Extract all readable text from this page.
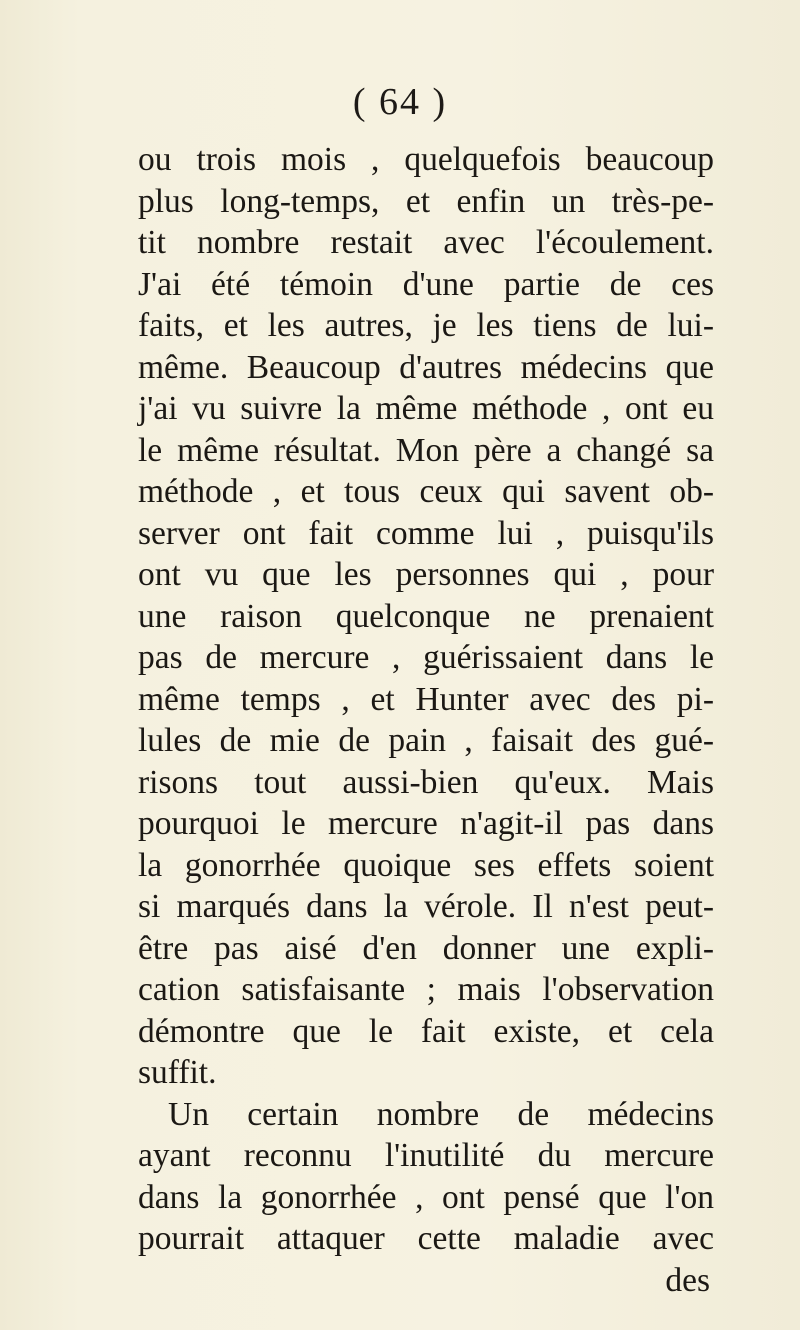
( 64 )
ou trois mois , quelquefois beaucoup
plus long-temps, et enfin un très-pe-
tit nombre restait avec l'écoulement.
J'ai été témoin d'une partie de ces
faits, et les autres, je les tiens de lui-
même. Beaucoup d'autres médecins que
j'ai vu suivre la même méthode , ont eu
le même résultat. Mon père a changé sa
méthode , et tous ceux qui savent ob-
server ont fait comme lui , puisqu'ils
ont vu que les personnes qui , pour
une raison quelconque ne prenaient
pas de mercure , guérissaient dans le
même temps , et Hunter avec des pi-
lules de mie de pain , faisait des gué-
risons tout aussi-bien qu'eux. Mais
pourquoi le mercure n'agit-il pas dans
la gonorrhée quoique ses effets soient
si marqués dans la vérole. Il n'est peut-
être pas aisé d'en donner une expli-
cation satisfaisante ; mais l'observation
démontre que le fait existe, et cela
suffit.
Un certain nombre de médecins
ayant reconnu l'inutilité du mercure
dans la gonorrhée , ont pensé que l'on
pourrait attaquer cette maladie avec
des
